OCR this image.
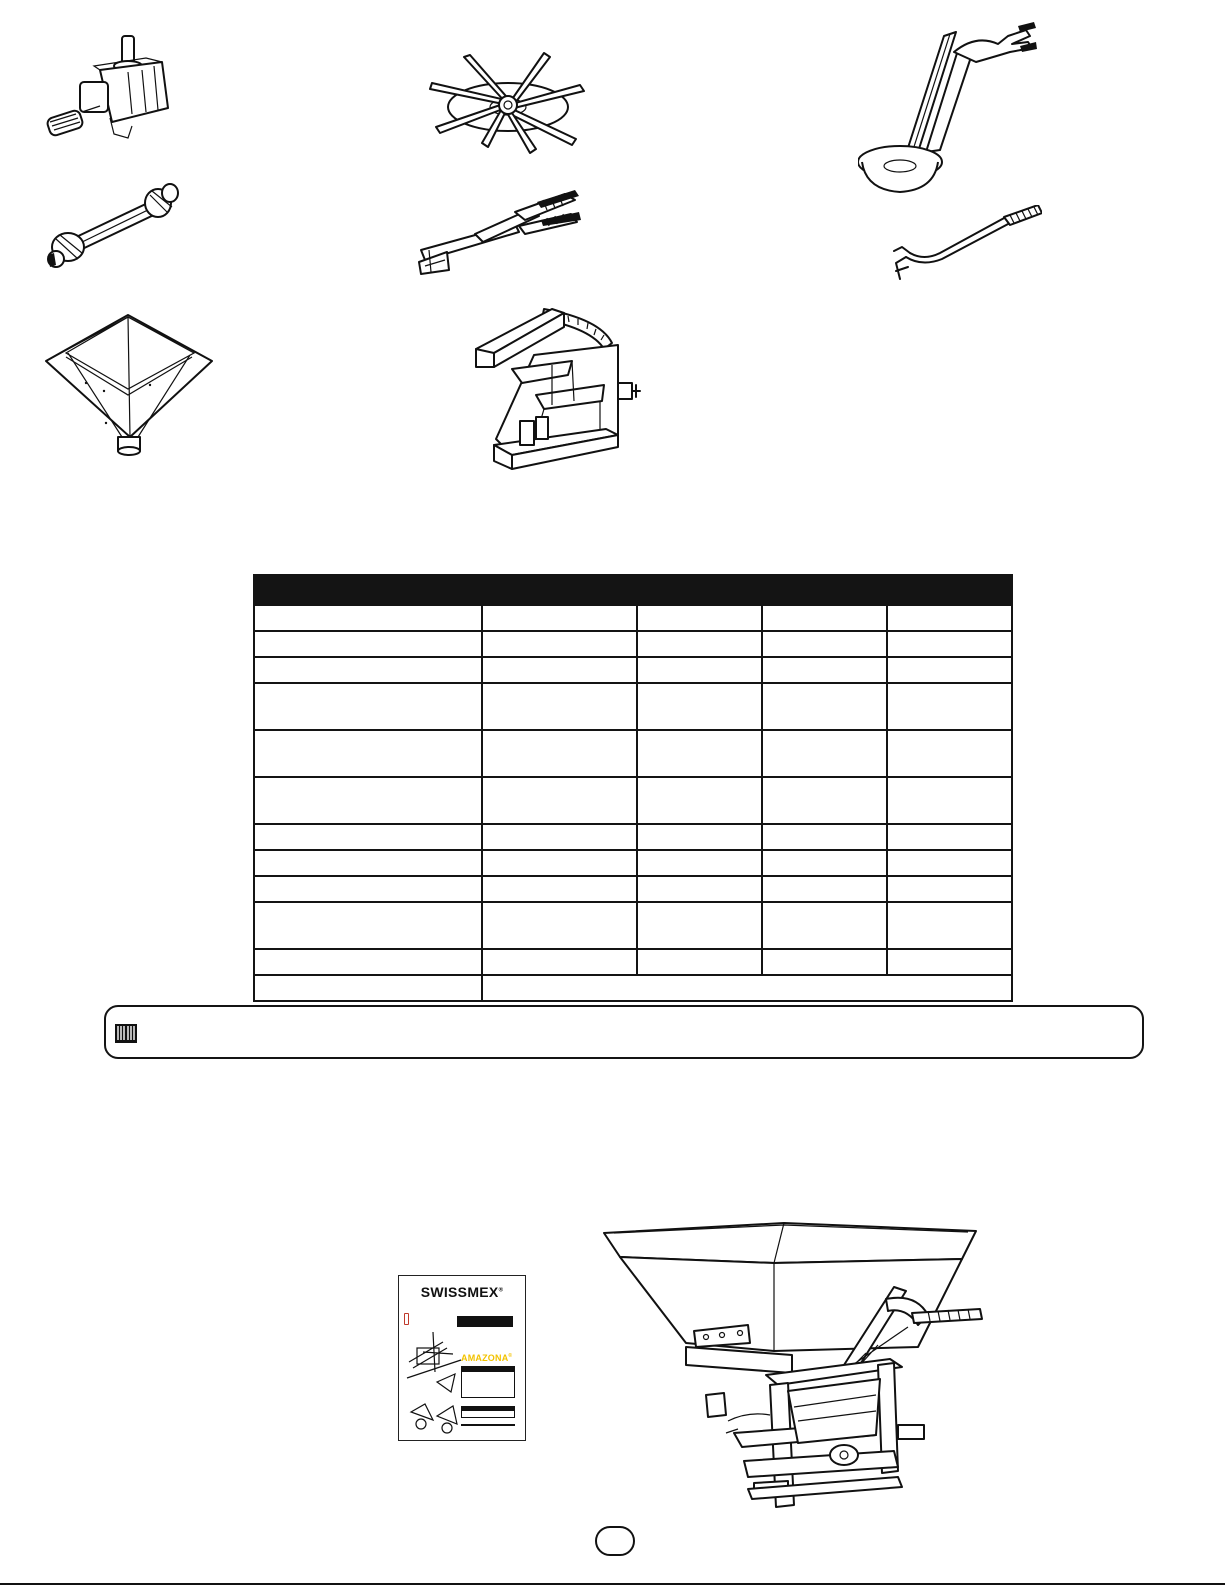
SWISSMEX®
AMAZONA®
